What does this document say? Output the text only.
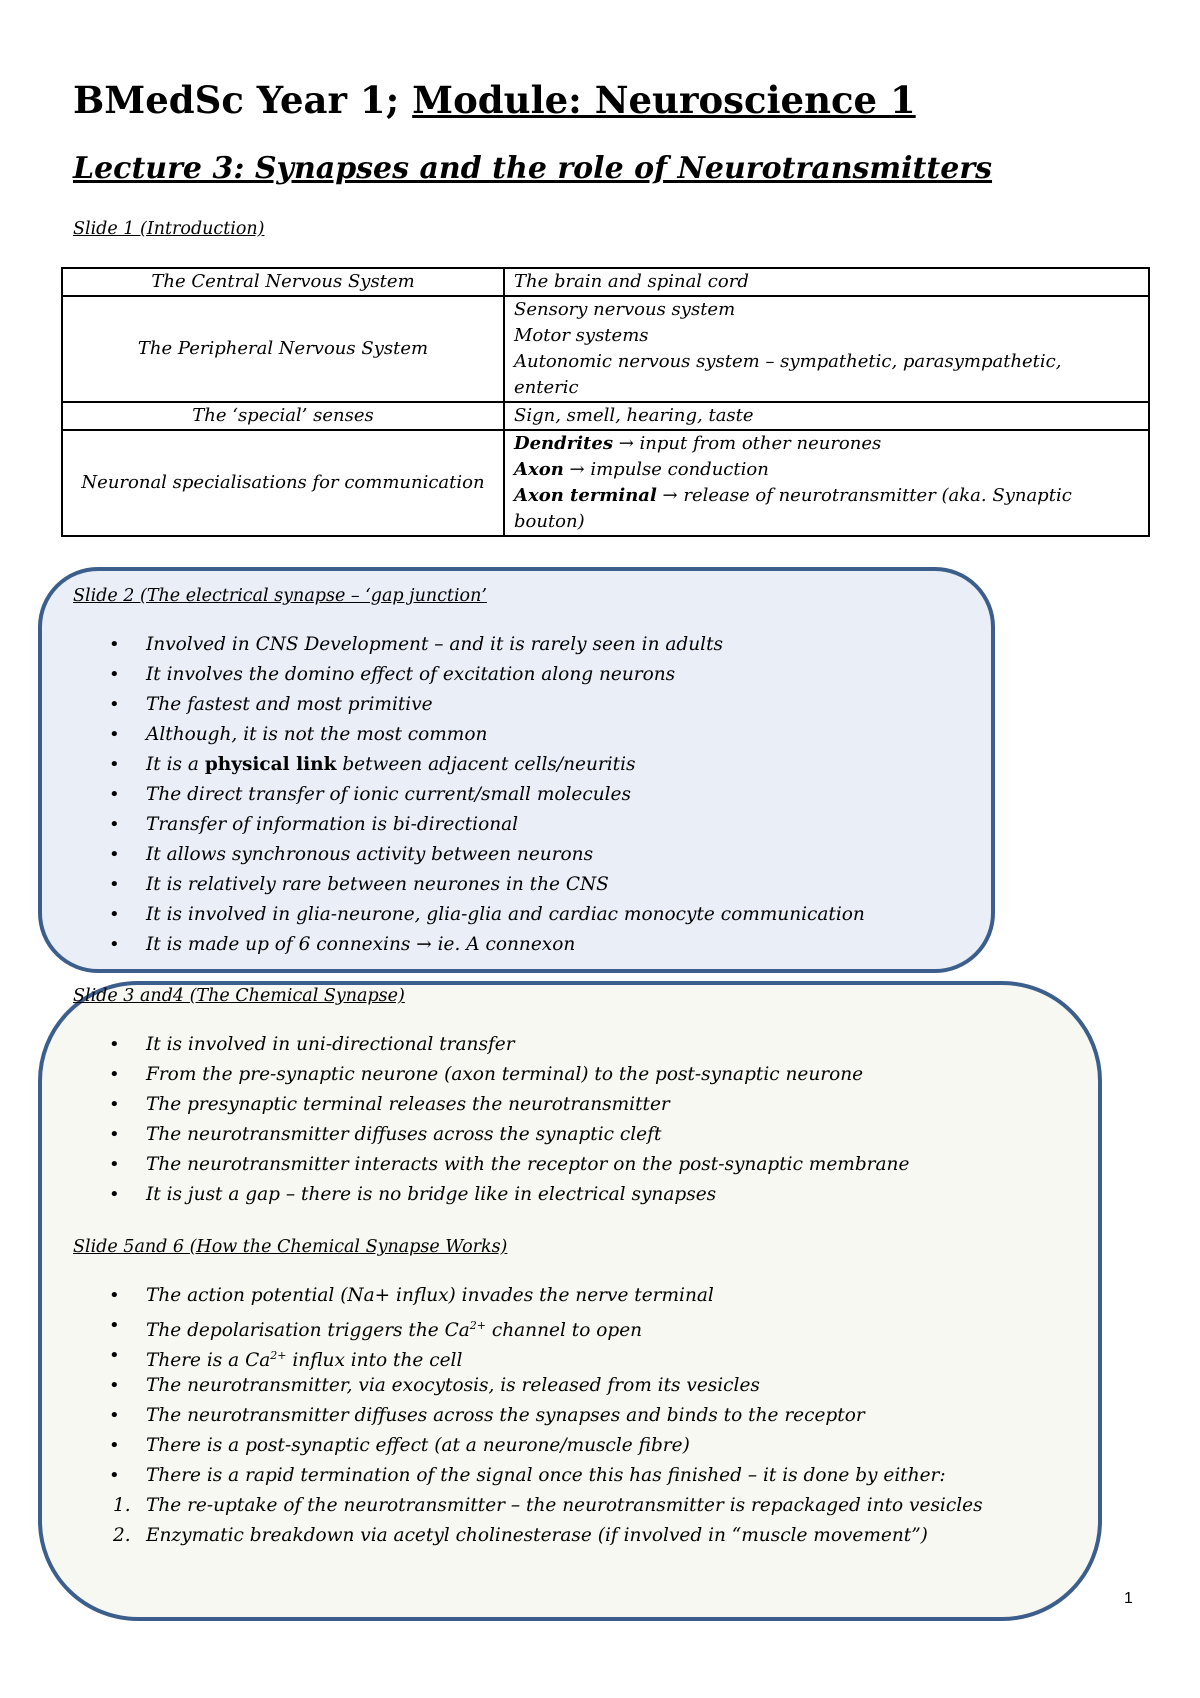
BMedSc Year 1; Module: Neuroscience 1
Lecture 3: Synapses and the role of Neurotransmitters
Slide 1 (Introduction)
The Central Nervous System	The brain and spinal cord

The Peripheral Nervous System	Sensory nervous system
Motor systems
Autonomic nervous system – sympathetic, parasympathetic,
enteric

The ‘special’ senses	Sign, smell, hearing, taste

Neuronal specialisations for communication	Dendrites → input from other neurones
Axon → impulse conduction
Axon terminal → release of neurotransmitter (aka. Synaptic
bouton)
Slide 2 (The electrical synapse – ‘gap junction’
• Involved in CNS Development – and it is rarely seen in adults
• It involves the domino effect of excitation along neurons
• The fastest and most primitive
• Although, it is not the most common
• It is a physical link between adjacent cells/neuritis
• The direct transfer of ionic current/small molecules
• Transfer of information is bi-directional
• It allows synchronous activity between neurons
• It is relatively rare between neurones in the CNS
• It is involved in glia-neurone, glia-glia and cardiac monocyte communication
• It is made up of 6 connexins → ie. A connexon
Slide 3 and4 (The Chemical Synapse)
• It is involved in uni-directional transfer
• From the pre-synaptic neurone (axon terminal) to the post-synaptic neurone
• The presynaptic terminal releases the neurotransmitter
• The neurotransmitter diffuses across the synaptic cleft
• The neurotransmitter interacts with the receptor on the post-synaptic membrane
• It is just a gap – there is no bridge like in electrical synapses
Slide 5and 6 (How the Chemical Synapse Works)
• The action potential (Na+ influx) invades the nerve terminal
• The depolarisation triggers the $Ca^{2+}$ channel to open
• There is a $Ca^{2+}$ influx into the cell
• The neurotransmitter, via exocytosis, is released from its vesicles
• The neurotransmitter diffuses across the synapses and binds to the receptor
• There is a post-synaptic effect (at a neurone/muscle fibre)
• There is a rapid termination of the signal once this has finished – it is done by either:
1. The re-uptake of the neurotransmitter – the neurotransmitter is repackaged into vesicles
2. Enzymatic breakdown via acetyl cholinesterase (if involved in “muscle movement”)
1
